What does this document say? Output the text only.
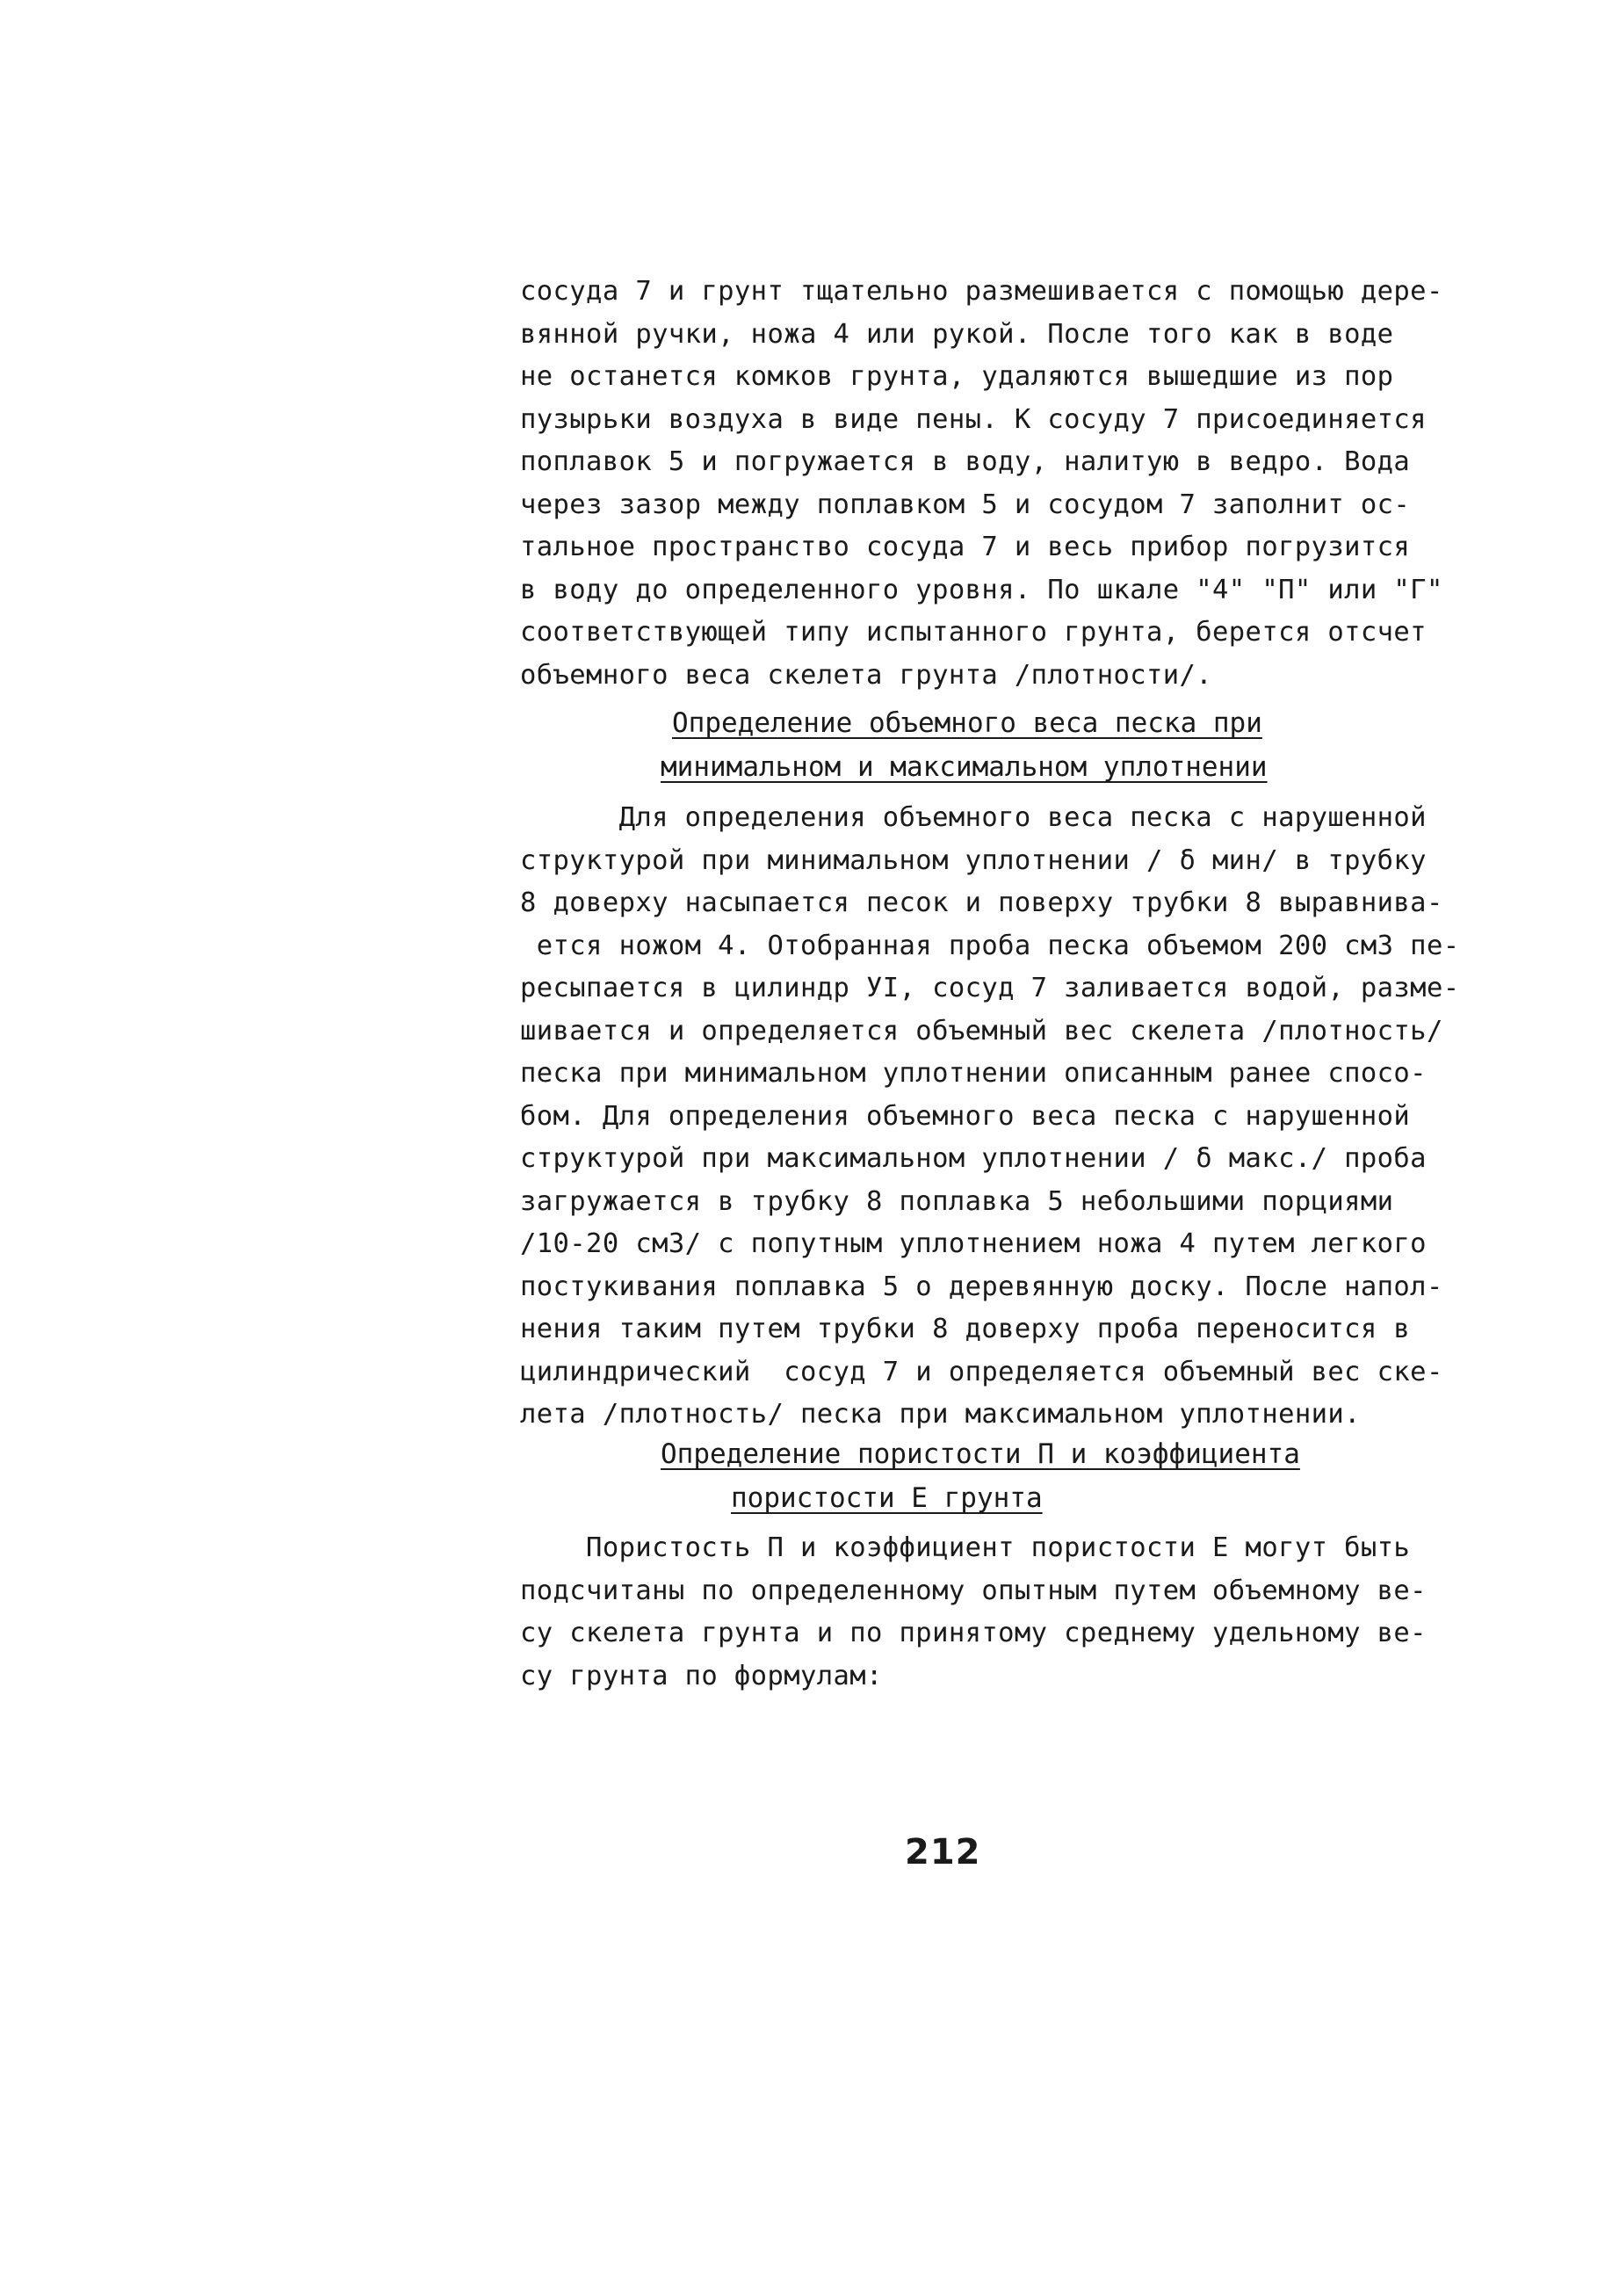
сосуда 7 и грунт тщательно размешивается с помощью дере-
вянной ручки, ножа 4 или рукой. После того как в воде
не останется комков грунта, удаляются вышедшие из пор
пузырьки воздуха в виде пены. К сосуду 7 присоединяется
поплавок 5 и погружается в воду, налитую в ведро. Вода
через зазор между поплавком 5 и сосудом 7 заполнит ос-
тальное пространство сосуда 7 и весь прибор погрузится
в воду до определенного уровня. По шкале "4" "П" или "Г"
соответствующей типу испытанного грунта, берется отсчет
объемного веса скелета грунта /плотности/.
Определение объемного веса песка при
минимальном и максимальном уплотнении
Для определения объемного веса песка с нарушенной
структурой при минимальном уплотнении / δ мин/ в трубку
8 доверху насыпается песок и поверху трубки 8 выравнива-
ется ножом 4. Отобранная проба песка объемом 200 см3 пе-
ресыпается в цилиндр УI, сосуд 7 заливается водой, разме-
шивается и определяется объемный вес скелета /плотность/
песка при минимальном уплотнении описанным ранее спосо-
бом. Для определения объемного веса песка с нарушенной
структурой при максимальном уплотнении / δ макс./ проба
загружается в трубку 8 поплавка 5 небольшими порциями
/10-20 см3/ с попутным уплотнением ножа 4 путем легкого
постукивания поплавка 5 о деревянную доску. После напол-
нения таким путем трубки 8 доверху проба переносится в
цилиндрический  сосуд 7 и определяется объемный вес ске-
лета /плотность/ песка при максимальном уплотнении.
Определение пористости П и коэффициента
пористости Е грунта
Пористость П и коэффициент пористости Е могут быть
подсчитаны по определенному опытным путем объемному ве-
су скелета грунта и по принятому среднему удельному ве-
су грунта по формулам:
212
